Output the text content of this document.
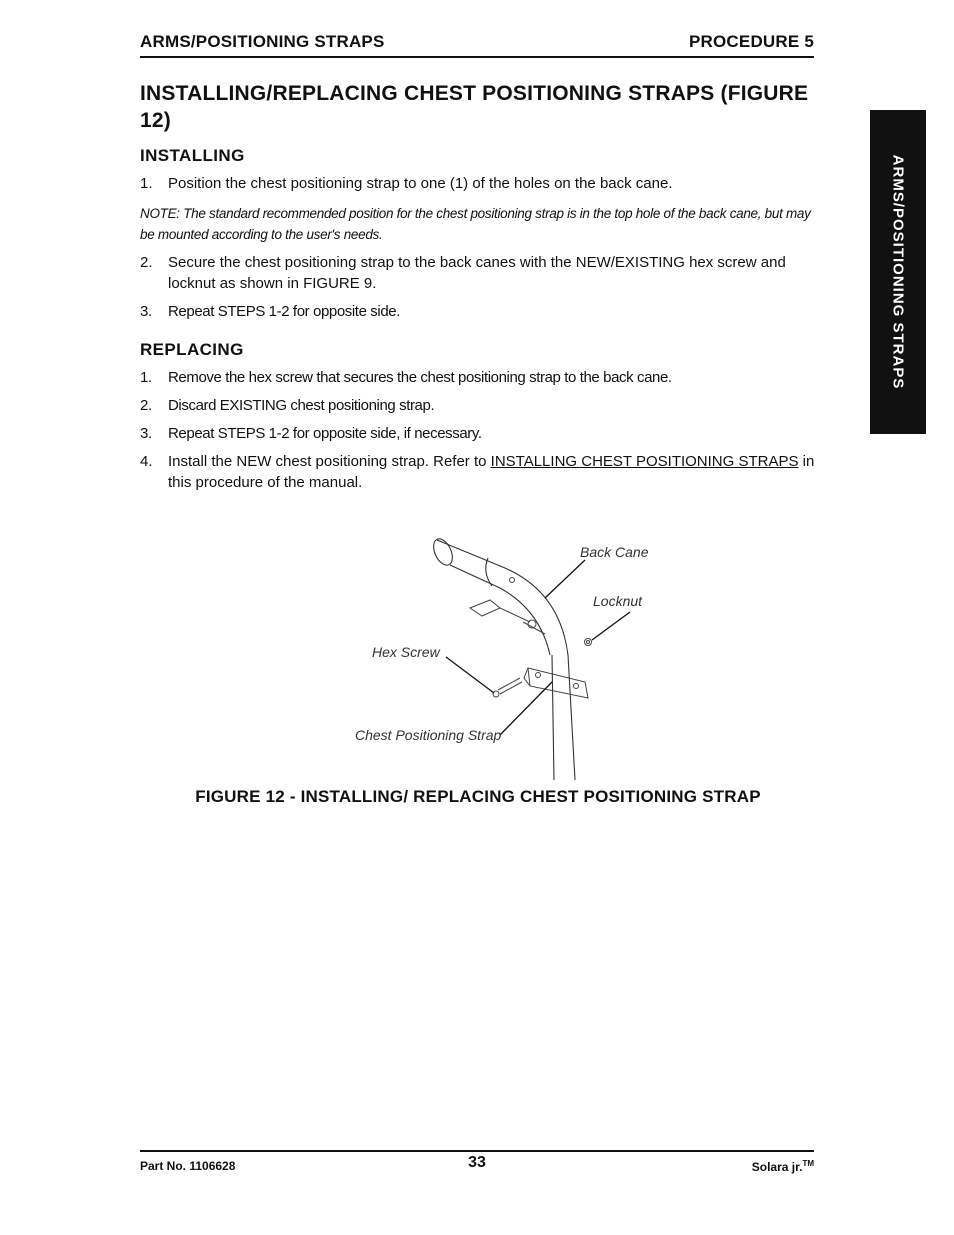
ARMS/POSITIONING STRAPS	PROCEDURE 5
ARMS/POSITIONING STRAPS
INSTALLING/REPLACING CHEST POSITIONING STRAPS (FIGURE 12)
INSTALLING
1. Position the chest positioning strap to one (1) of the holes on the back cane.

NOTE: The standard recommended position for the chest positioning strap is in the top hole of the back cane, but may be mounted according to the user's needs.

2. Secure the chest positioning strap to the back canes with the NEW/EXISTING hex screw and locknut as shown in FIGURE 9.
3. Repeat STEPS 1-2 for opposite side.
REPLACING
1. Remove the hex screw that secures the chest positioning strap to the back cane.
2. Discard EXISTING chest positioning strap.
3. Repeat STEPS 1-2 for opposite side, if necessary.
4. Install the NEW chest positioning strap. Refer to INSTALLING CHEST POSITIONING STRAPS in this procedure of the manual.
Back Cane
Locknut
Hex Screw
Chest Positioning Strap
FIGURE 12 - INSTALLING/ REPLACING CHEST POSITIONING STRAP
Part No. 1106628	33	Solara jr.™
